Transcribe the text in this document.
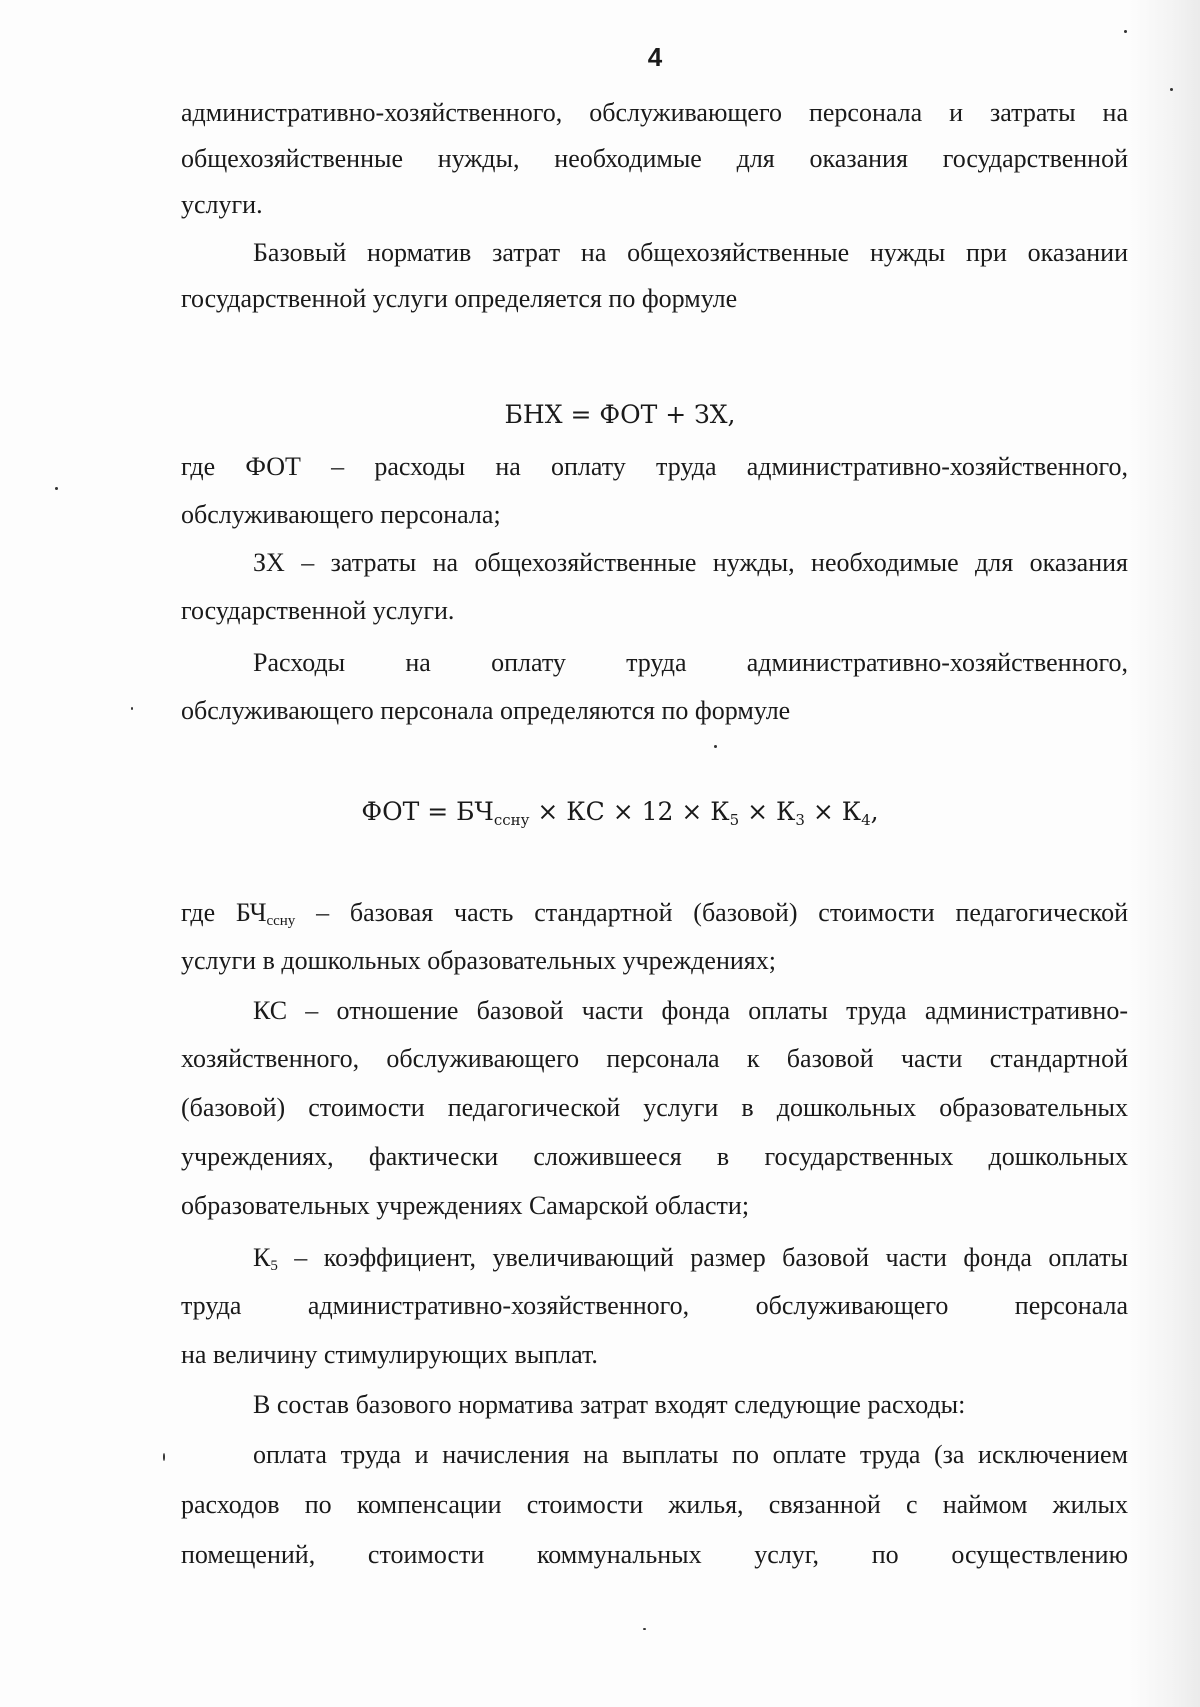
4
административно-хозяйственного, обслуживающего персонала и затраты на
общехозяйственные нужды, необходимые для оказания государственной
услуги.
Базовый норматив затрат на общехозяйственные нужды при оказании
государственной услуги определяется по формуле
БНХ = ФОТ + ЗХ,
где ФОТ – расходы на оплату труда административно-хозяйственного,
обслуживающего персонала;
ЗХ – затраты на общехозяйственные нужды, необходимые для оказания
государственной услуги.
Расходы на оплату труда административно-хозяйственного,
обслуживающего персонала определяются по формуле
ФОТ = $БЧ_{ссну}$ × КС × $12 \times К_5 \times К_3 \times К_4$,
где БЧссну – базовая часть стандартной (базовой) стоимости педагогической
услуги в дошкольных образовательных учреждениях;
КС – отношение базовой части фонда оплаты труда административно-
хозяйственного, обслуживающего персонала к базовой части стандартной
(базовой) стоимости педагогической услуги в дошкольных образовательных
учреждениях, фактически сложившееся в государственных дошкольных
образовательных учреждениях Самарской области;
К5 – коэффициент, увеличивающий размер базовой части фонда оплаты
труда административно-хозяйственного, обслуживающего персонала
на величину стимулирующих выплат.
В состав базового норматива затрат входят следующие расходы:
оплата труда и начисления на выплаты по оплате труда (за исключением
расходов по компенсации стоимости жилья, связанной с наймом жилых
помещений, стоимости коммунальных услуг, по осуществлению
